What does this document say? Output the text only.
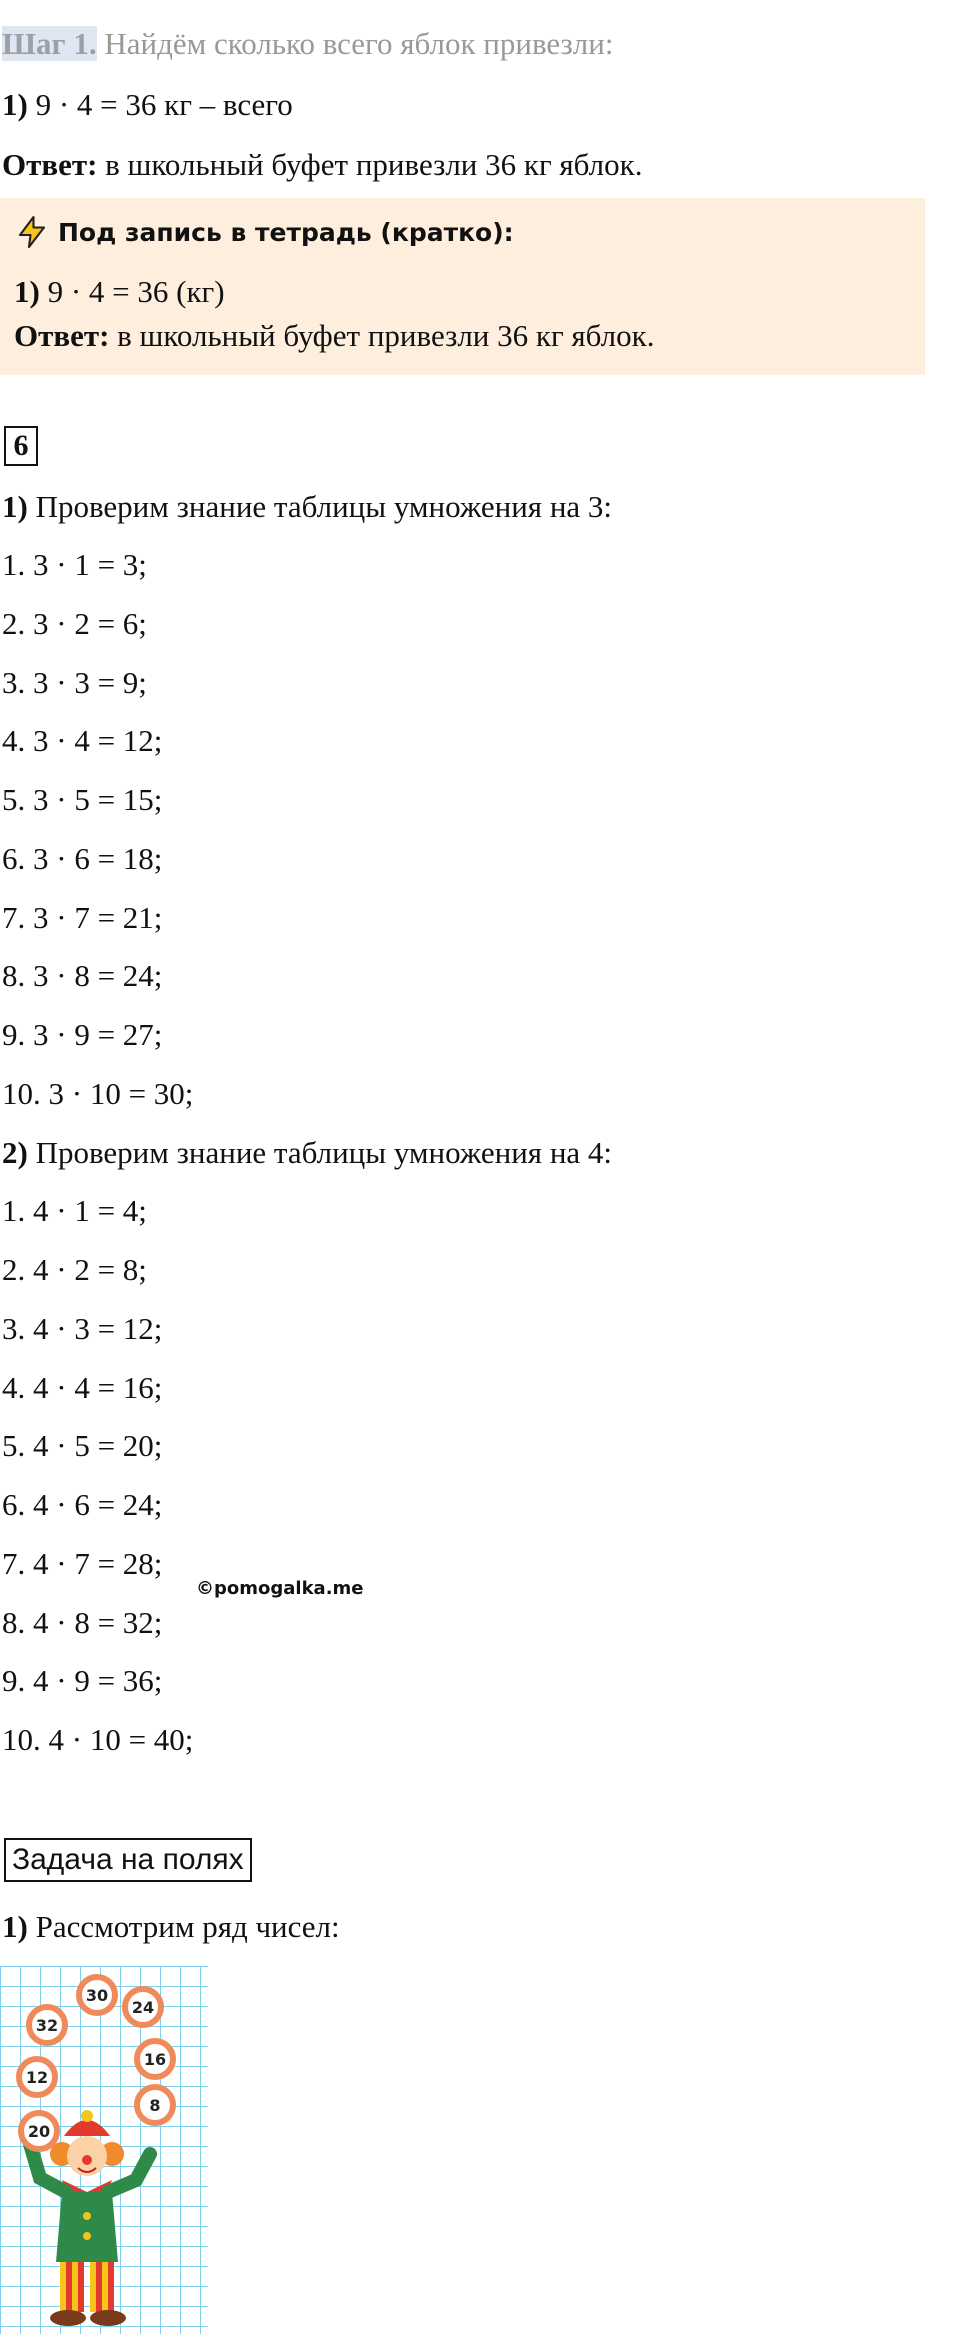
Шаг 1. Найдём сколько всего яблок привезли:
1) 9 · 4 = 36 кг – всего
Ответ: в школьный буфет привезли 36 кг яблок.
Под запись в тетрадь (кратко):
1) 9 · 4 = 36 (кг)
Ответ: в школьный буфет привезли 36 кг яблок.
6
1) Проверим знание таблицы умножения на 3:
1. 3 · 1 = 3;
2. 3 · 2 = 6;
3. 3 · 3 = 9;
4. 3 · 4 = 12;
5. 3 · 5 = 15;
6. 3 · 6 = 18;
7. 3 · 7 = 21;
8. 3 · 8 = 24;
9. 3 · 9 = 27;
10. 3 · 10 = 30;
2) Проверим знание таблицы умножения на 4:
1. 4 · 1 = 4;
2. 4 · 2 = 8;
3. 4 · 3 = 12;
4. 4 · 4 = 16;
5. 4 · 5 = 20;
6. 4 · 6 = 24;
7. 4 · 7 = 28;
8. 4 · 8 = 32;
9. 4 · 9 = 36;
10. 4 · 10 = 40;
©pomogalka.me
Задача на полях
1) Рассмотрим ряд чисел:
30
32
24
12
16
8
20
